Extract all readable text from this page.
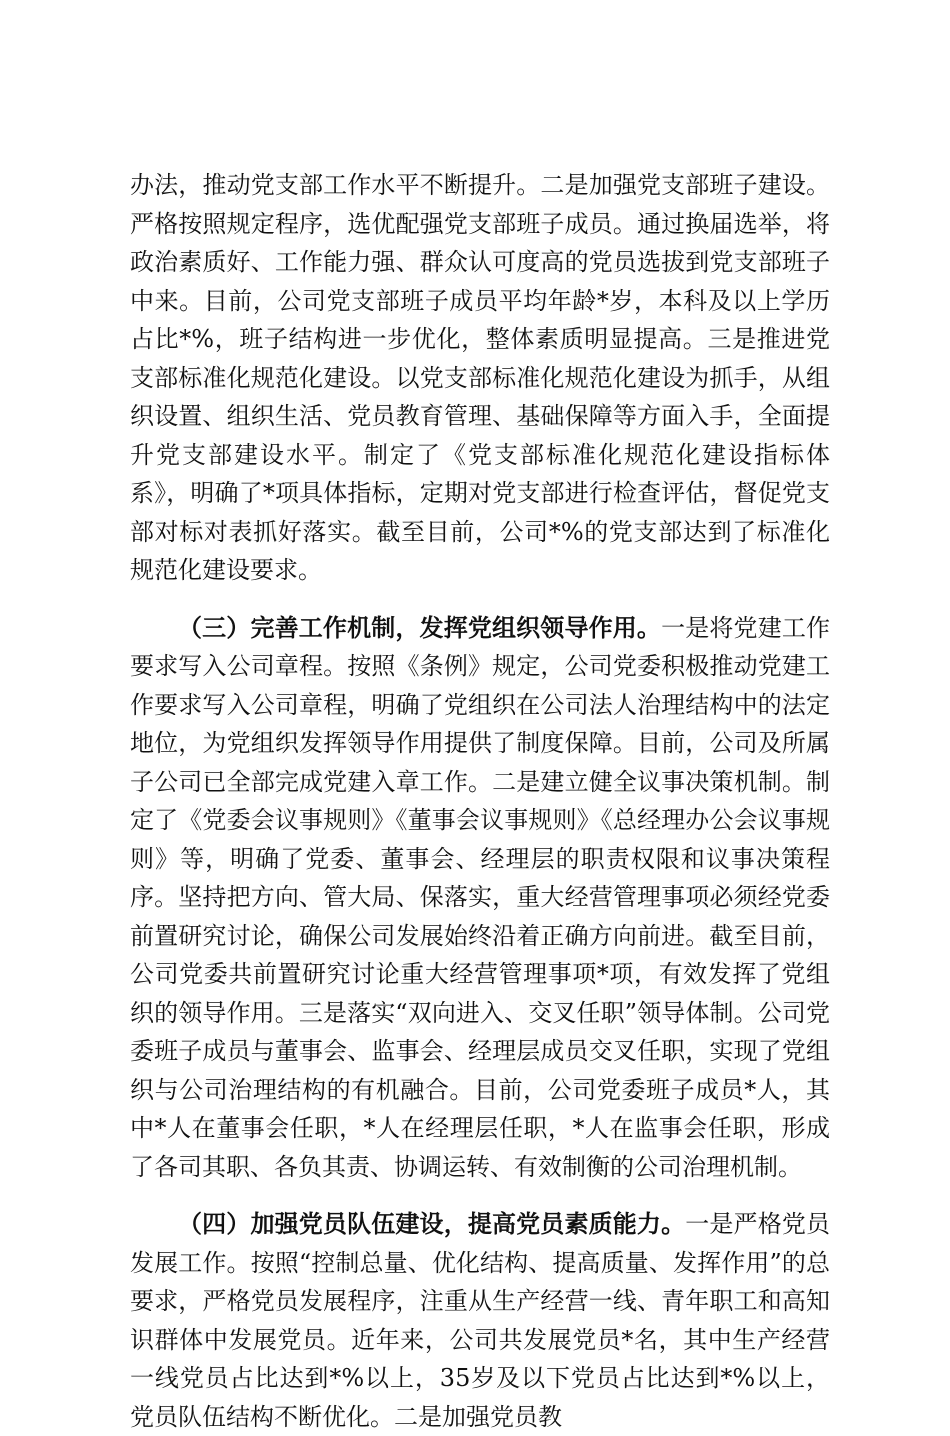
办法，推动党支部工作水平不断提升。二是加强党支部班子建设。严格按照规定程序，选优配强党支部班子成员。通过换届选举，将政治素质好、工作能力强、群众认可度高的党员选拔到党支部班子中来。目前，公司党支部班子成员平均年龄*岁，本科及以上学历占比*%，班子结构进一步优化，整体素质明显提高。三是推进党支部标准化规范化建设。以党支部标准化规范化建设为抓手，从组织设置、组织生活、党员教育管理、基础保障等方面入手，全面提升党支部建设水平。制定了《党支部标准化规范化建设指标体系》，明确了*项具体指标，定期对党支部进行检查评估，督促党支部对标对表抓好落实。截至目前，公司*%的党支部达到了标准化规范化建设要求。

（三）完善工作机制，发挥党组织领导作用。一是将党建工作要求写入公司章程。按照《条例》规定，公司党委积极推动党建工作要求写入公司章程，明确了党组织在公司法人治理结构中的法定地位，为党组织发挥领导作用提供了制度保障。目前，公司及所属子公司已全部完成党建入章工作。二是建立健全议事决策机制。制定了《党委会议事规则》《董事会议事规则》《总经理办公会议事规则》等，明确了党委、董事会、经理层的职责权限和议事决策程序。坚持把方向、管大局、保落实，重大经营管理事项必须经党委前置研究讨论，确保公司发展始终沿着正确方向前进。截至目前，公司党委共前置研究讨论重大经营管理事项*项，有效发挥了党组织的领导作用。三是落实“双向进入、交叉任职”领导体制。公司党委班子成员与董事会、监事会、经理层成员交叉任职，实现了党组织与公司治理结构的有机融合。目前，公司党委班子成员*人，其中*人在董事会任职，*人在经理层任职，*人在监事会任职，形成了各司其职、各负其责、协调运转、有效制衡的公司治理机制。

（四）加强党员队伍建设，提高党员素质能力。一是严格党员发展工作。按照“控制总量、优化结构、提高质量、发挥作用”的总要求，严格党员发展程序，注重从生产经营一线、青年职工和高知识群体中发展党员。近年来，公司共发展党员*名，其中生产经营一线党员占比达到*%以上，35岁及以下党员占比达到*%以上，党员队伍结构不断优化。二是加强党员教
